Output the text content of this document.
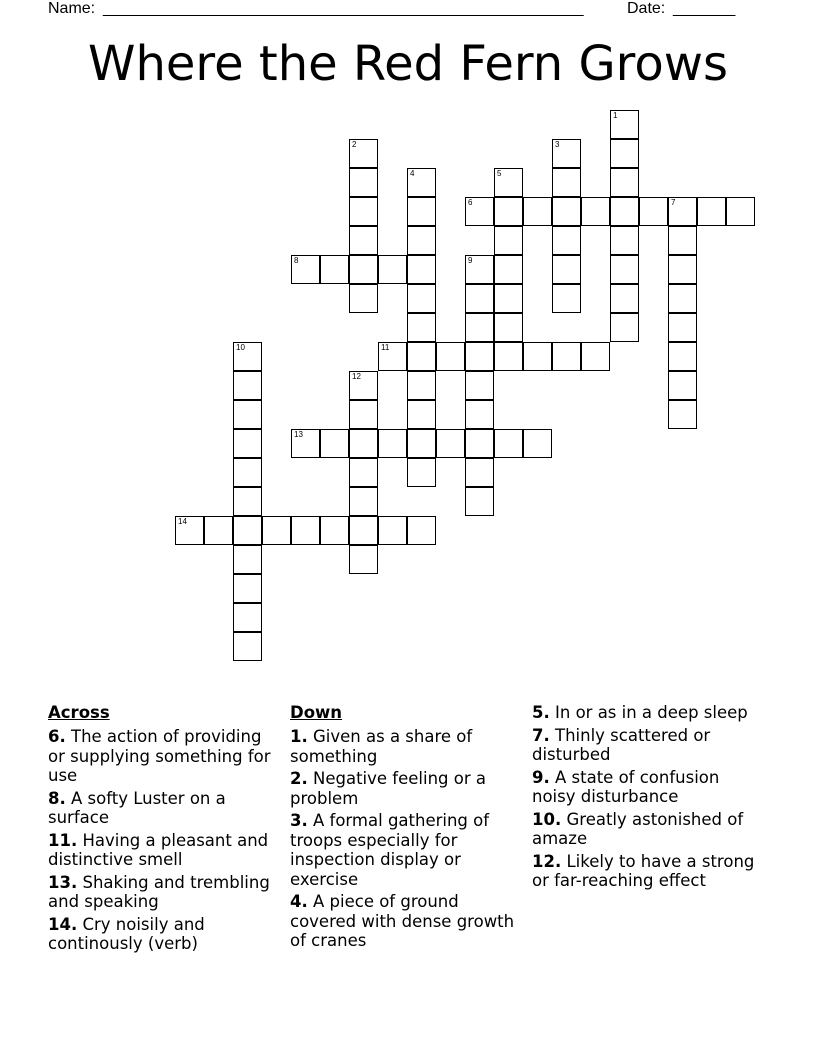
Name: ______________________________________________________	Date: _______
Where the Red Fern Grows
1
2	3
4	5
6	7
8	9
10	11
12
13
14
Across
6. The action of providing or supplying something for use
8. A softy Luster on a surface
11. Having a pleasant and distinctive smell
13. Shaking and trembling and speaking
14. Cry noisily and continously (verb)
Down
1. Given as a share of something
2. Negative feeling or a problem
3. A formal gathering of troops especially for inspection display or exercise
4. A piece of ground covered with dense growth of cranes
5. In or as in a deep sleep
7. Thinly scattered or disturbed
9. A state of confusion noisy disturbance
10. Greatly astonished of amaze
12. Likely to have a strong or far-reaching effect
